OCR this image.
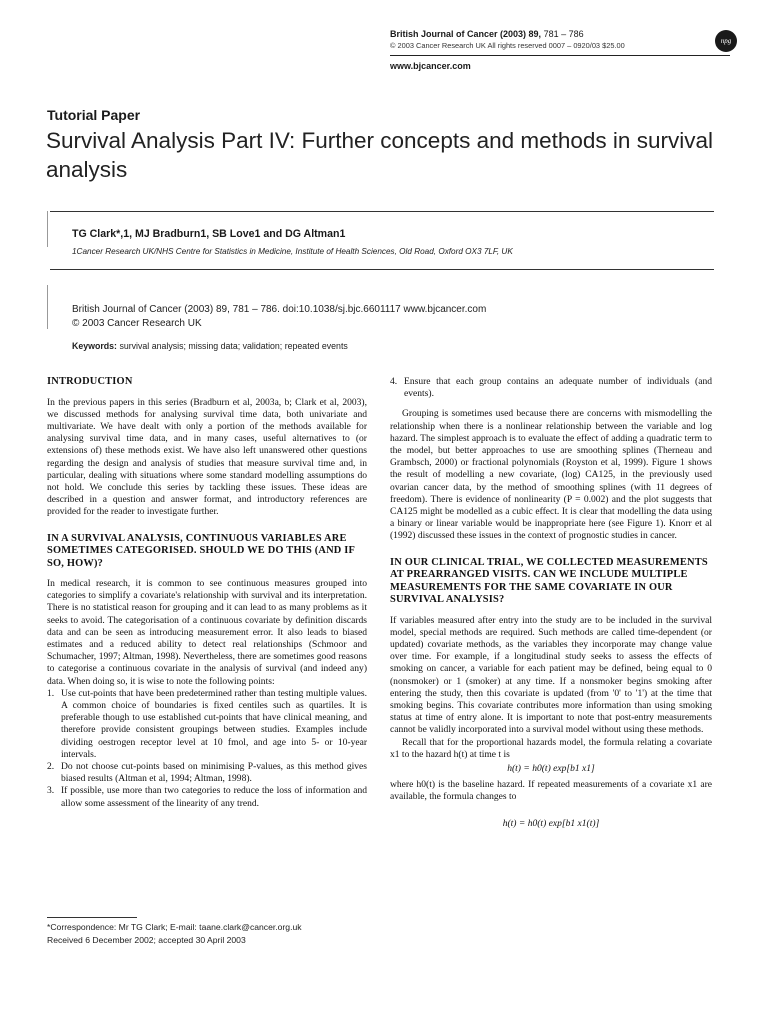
British Journal of Cancer (2003) 89, 781 – 786
© 2003 Cancer Research UK All rights reserved 0007 – 0920/03 $25.00	npg
www.bjcancer.com
Tutorial Paper
Survival Analysis Part IV: Further concepts and methods in survival analysis
TG Clark*,1, MJ Bradburn1, SB Love1 and DG Altman1
1Cancer Research UK/NHS Centre for Statistics in Medicine, Institute of Health Sciences, Old Road, Oxford OX3 7LF, UK
British Journal of Cancer (2003) 89, 781 – 786. doi:10.1038/sj.bjc.6601117 www.bjcancer.com
© 2003 Cancer Research UK
Keywords: survival analysis; missing data; validation; repeated events
INTRODUCTION

In the previous papers in this series (Bradburn et al, 2003a, b; Clark et al, 2003), we discussed methods for analysing survival time data, both univariate and multivariate. We have dealt with only a portion of the methods available for analysing survival time data, and in many cases, useful alternatives to (or extensions of) these methods exist. We have also left unanswered other questions regarding the design and analysis of studies that measure survival time and, in particular, dealing with situations where some standard modelling assumptions do not hold. We conclude this series by tackling these issues. These ideas are described in a question and answer format, and introductory references are provided for the reader to investigate further.

IN A SURVIVAL ANALYSIS, CONTINUOUS VARIABLES ARE SOMETIMES CATEGORISED. SHOULD WE DO THIS (AND IF SO, HOW)?

In medical research, it is common to see continuous measures grouped into categories to simplify a covariate's relationship with survival and its interpretation. There is no statistical reason for grouping and it can lead to as many problems as it seeks to avoid. The categorisation of a continuous covariate by definition discards data and can be seen as introducing measurement error. It also leads to biased estimates and a reduced ability to detect real relationships (Schmoor and Schumacher, 1997; Altman, 1998). Nevertheless, there are sometimes good reasons to categorise a continuous covariate in the analysis of survival (and indeed any) data. When doing so, it is wise to note the following points:

1. Use cut-points that have been predetermined rather than testing multiple values. A common choice of boundaries is fixed centiles such as quartiles. It is preferable though to use established cut-points that have clinical meaning, and therefore provide consistent groupings between studies. Examples include dividing oestrogen receptor level at 10 fmol, and age into 5- or 10-year intervals.
2. Do not choose cut-points based on minimising P-values, as this method gives biased results (Altman et al, 1994; Altman, 1998).
3. If possible, use more than two categories to reduce the loss of information and allow some assessment of the linearity of any trend.
4. Ensure that each group contains an adequate number of individuals (and events).

Grouping is sometimes used because there are concerns with mismodelling the relationship when there is a nonlinear relationship between the variable and log hazard. The simplest approach is to evaluate the effect of adding a quadratic term to the model, but better approaches to use are smoothing splines (Therneau and Grambsch, 2000) or fractional polynomials (Royston et al, 1999). Figure 1 shows the result of modelling a new covariate, (log) CA125, in the previously used ovarian cancer data, by the method of smoothing splines (with 11 degrees of freedom). There is evidence of nonlinearity (P = 0.002) and the plot suggests that CA125 might be modelled as a cubic effect. It is clear that modelling the data using a binary or linear variable would be inappropriate here (see Figure 1). Knorr et al (1992) discussed these issues in the context of prognostic studies in cancer.

IN OUR CLINICAL TRIAL, WE COLLECTED MEASUREMENTS AT PREARRANGED VISITS. CAN WE INCLUDE MULTIPLE MEASUREMENTS FOR THE SAME COVARIATE IN OUR SURVIVAL ANALYSIS?

If variables measured after entry into the study are to be included in the survival model, special methods are required. Such methods are called time-dependent (or updated) covariate methods, as the variables they incorporate may change value over time. For example, if a longitudinal study seeks to assess the effects of smoking on cancer, a variable for each patient may be defined, being equal to 0 (nonsmoker) or 1 (smoker) at any time. If a nonsmoker begins smoking after entering the study, then this covariate is updated (from '0' to '1') at the time that smoking begins. This covariate contributes more information than using smoking status at time of entry alone. It is important to note that post-entry measurements cannot be validly incorporated into a survival model without using these methods.

Recall that for the proportional hazards model, the formula relating a covariate x1 to the hazard h(t) at time t is

h(t) = h0(t) exp[b1 x1]

where h0(t) is the baseline hazard. If repeated measurements of a covariate x1 are available, the formula changes to

h(t) = h0(t) exp[b1 x1(t)]
*Correspondence: Mr TG Clark; E-mail: taane.clark@cancer.org.uk
Received 6 December 2002; accepted 30 April 2003
